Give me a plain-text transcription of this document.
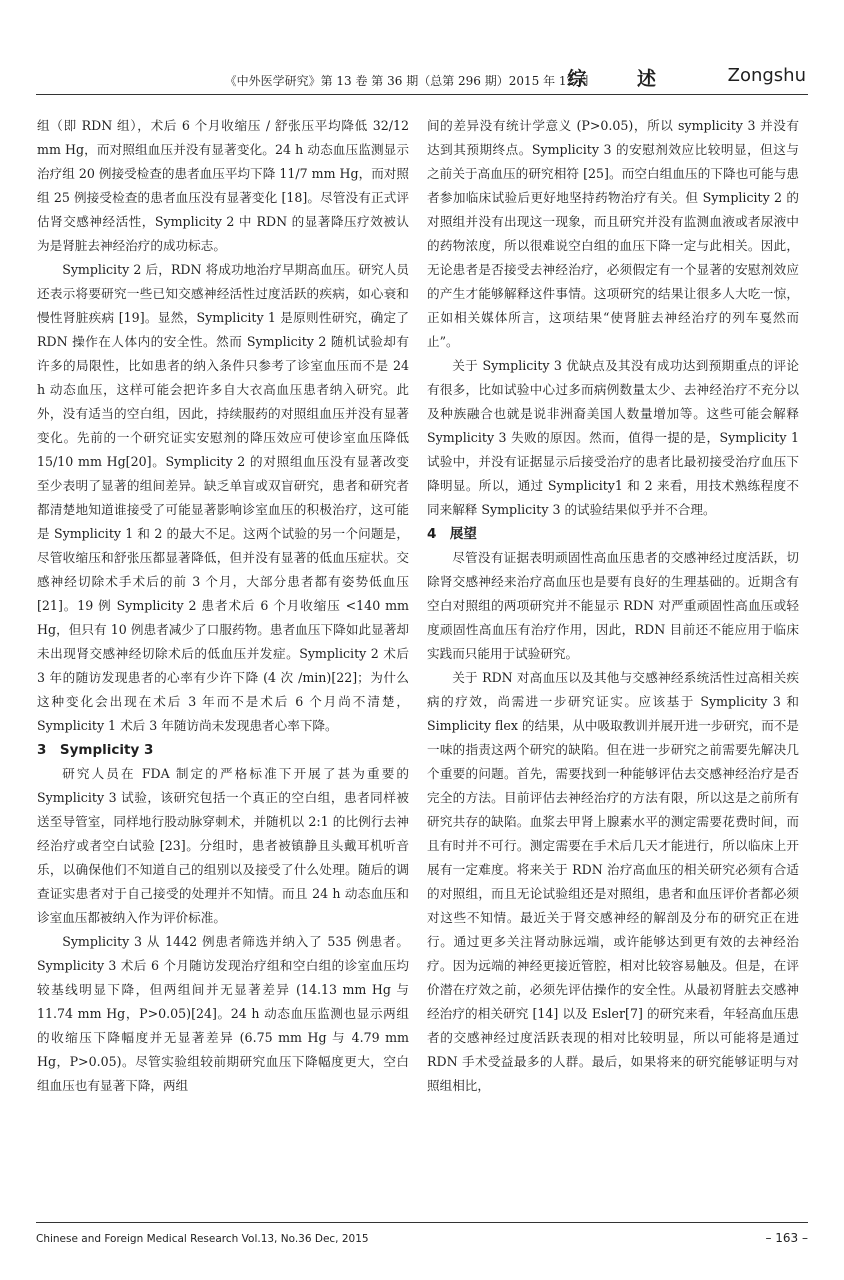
《中外医学研究》第 13 卷 第 36 期（总第 296 期）2015 年 12 月
综 述	Zongshu

组（即 RDN 组），术后 6 个月收缩压 / 舒张压平均降低 32/12 mm Hg，而对照组血压并没有显著变化。24 h 动态血压监测显示治疗组 20 例接受检查的患者血压平均下降 11/7 mm Hg，而对照组 25 例接受检查的患者血压没有显著变化 [18]。尽管没有正式评估肾交感神经活性，Symplicity 2 中 RDN 的显著降压疗效被认为是肾脏去神经治疗的成功标志。

Symplicity 2 后，RDN 将成功地治疗早期高血压。研究人员还表示将要研究一些已知交感神经活性过度活跃的疾病，如心衰和慢性肾脏疾病 [19]。显然，Symplicity 1 是原则性研究，确定了 RDN 操作在人体内的安全性。然而 Symplicity 2 随机试验却有许多的局限性，比如患者的纳入条件只参考了诊室血压而不是 24 h 动态血压，这样可能会把许多自大衣高血压患者纳入研究。此外，没有适当的空白组，因此，持续服药的对照组血压并没有显著变化。先前的一个研究证实安慰剂的降压效应可使诊室血压降低 15/10 mm Hg[20]。Symplicity 2 的对照组血压没有显著改变至少表明了显著的组间差异。缺乏单盲或双盲研究，患者和研究者都清楚地知道谁接受了可能显著影响诊室血压的积极治疗，这可能是 Symplicity 1 和 2 的最大不足。这两个试验的另一个问题是，尽管收缩压和舒张压都显著降低，但并没有显著的低血压症状。交感神经切除术手术后的前 3 个月，大部分患者都有姿势低血压 [21]。19 例 Symplicity 2 患者术后 6 个月收缩压 <140 mm Hg，但只有 10 例患者减少了口服药物。患者血压下降如此显著却未出现肾交感神经切除术后的低血压并发症。Symplicity 2 术后 3 年的随访发现患者的心率有少许下降 (4 次 /min)[22]；为什么这种变化会出现在术后 3 年而不是术后 6 个月尚不清楚，Symplicity 1 术后 3 年随访尚未发现患者心率下降。

3　Symplicity 3

研究人员在 FDA 制定的严格标准下开展了甚为重要的 Symplicity 3 试验，该研究包括一个真正的空白组，患者同样被送至导管室，同样地行股动脉穿刺术，并随机以 2:1 的比例行去神经治疗或者空白试验 [23]。分组时，患者被镇静且头戴耳机听音乐，以确保他们不知道自己的组别以及接受了什么处理。随后的调查证实患者对于自己接受的处理并不知情。而且 24 h 动态血压和诊室血压都被纳入作为评价标准。

Symplicity 3 从 1442 例患者筛选并纳入了 535 例患者。Symplicity 3 术后 6 个月随访发现治疗组和空白组的诊室血压均较基线明显下降，但两组间并无显著差异 (14.13 mm Hg 与 11.74 mm Hg，P>0.05)[24]。24 h 动态血压监测也显示两组的收缩压下降幅度并无显著差异 (6.75 mm Hg 与 4.79 mm Hg，P>0.05)。尽管实验组较前期研究血压下降幅度更大，空白组血压也有显著下降，两组

间的差异没有统计学意义 (P>0.05)，所以 symplicity 3 并没有达到其预期终点。Symplicity 3 的安慰剂效应比较明显，但这与之前关于高血压的研究相符 [25]。而空白组血压的下降也可能与患者参加临床试验后更好地坚持药物治疗有关。但 Symplicity 2 的对照组并没有出现这一现象，而且研究并没有监测血液或者尿液中的药物浓度，所以很难说空白组的血压下降一定与此相关。因此，无论患者是否接受去神经治疗，必须假定有一个显著的安慰剂效应的产生才能够解释这件事情。这项研究的结果让很多人大吃一惊，正如相关媒体所言，这项结果“使肾脏去神经治疗的列车戛然而止”。

关于 Symplicity 3 优缺点及其没有成功达到预期重点的评论有很多，比如试验中心过多而病例数量太少、去神经治疗不充分以及种族融合也就是说非洲裔美国人数量增加等。这些可能会解释 Symplicity 3 失败的原因。然而，值得一提的是，Symplicity 1 试验中，并没有证据显示后接受治疗的患者比最初接受治疗血压下降明显。所以，通过 Symplicity1 和 2 来看，用技术熟练程度不同来解释 Symplicity 3 的试验结果似乎并不合理。

4　展望

尽管没有证据表明顽固性高血压患者的交感神经过度活跃，切除肾交感神经来治疗高血压也是要有良好的生理基础的。近期含有空白对照组的两项研究并不能显示 RDN 对严重顽固性高血压或轻度顽固性高血压有治疗作用，因此，RDN 目前还不能应用于临床实践而只能用于试验研究。

关于 RDN 对高血压以及其他与交感神经系统活性过高相关疾病的疗效，尚需进一步研究证实。应该基于 Symplicity 3 和 Simplicity flex 的结果，从中吸取教训并展开进一步研究，而不是一味的指责这两个研究的缺陷。但在进一步研究之前需要先解决几个重要的问题。首先，需要找到一种能够评估去交感神经治疗是否完全的方法。目前评估去神经治疗的方法有限，所以这是之前所有研究共存的缺陷。血浆去甲肾上腺素水平的测定需要花费时间，而且有时并不可行。测定需要在手术后几天才能进行，所以临床上开展有一定难度。将来关于 RDN 治疗高血压的相关研究必须有合适的对照组，而且无论试验组还是对照组，患者和血压评价者都必须对这些不知情。最近关于肾交感神经的解剖及分布的研究正在进行。通过更多关注肾动脉远端，或许能够达到更有效的去神经治疗。因为远端的神经更接近管腔，相对比较容易触及。但是，在评价潜在疗效之前，必须先评估操作的安全性。从最初肾脏去交感神经治疗的相关研究 [14] 以及 Esler[7] 的研究来看，年轻高血压患者的交感神经过度活跃表现的相对比较明显，所以可能将是通过 RDN 手术受益最多的人群。最后，如果将来的研究能够证明与对照组相比，

Chinese and Foreign Medical Research Vol.13, No.36 Dec, 2015	– 163 –
